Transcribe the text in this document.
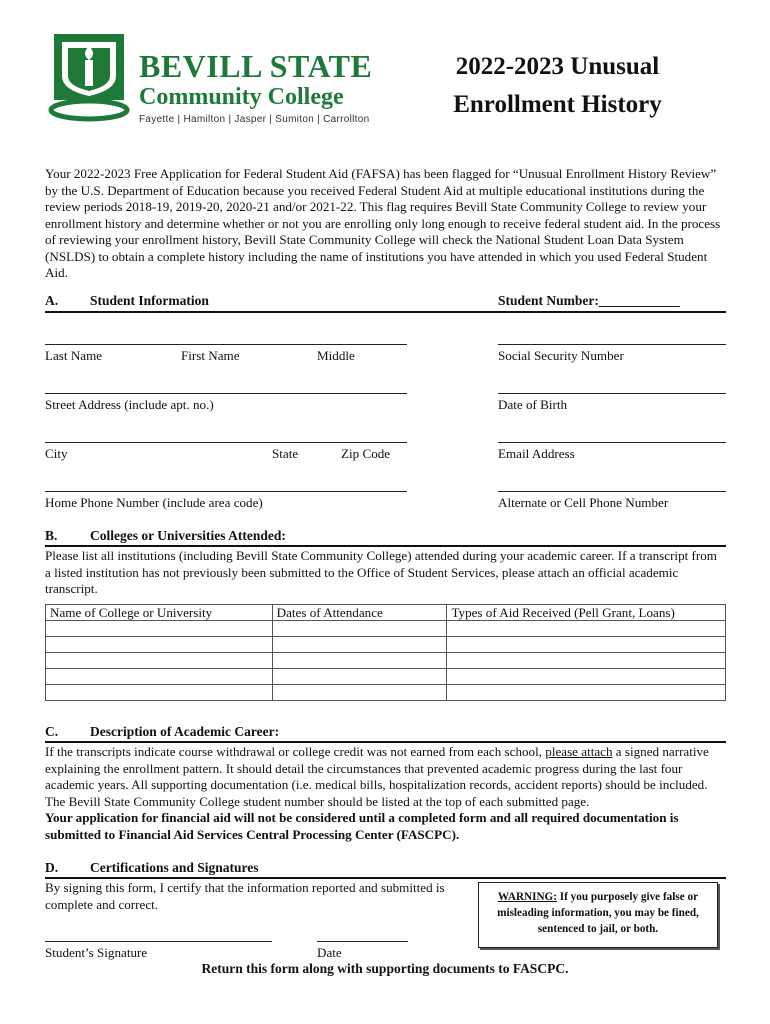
BEVILL STATE
Community College
Fayette | Hamilton | Jasper | Sumiton | Carrollton
2022-2023 Unusual
Enrollment History
Your 2022-2023 Free Application for Federal Student Aid (FAFSA) has been flagged for “Unusual Enrollment History Review” by the U.S. Department of Education because you received Federal Student Aid at multiple educational institutions during the review periods 2018-19, 2019-20, 2020-21 and/or 2021-22. This flag requires Bevill State Community College to review your enrollment history and determine whether or not you are enrolling only long enough to receive federal student aid. In the process of reviewing your enrollment history, Bevill State Community College will check the National Student Loan Data System (NSLDS) to obtain a complete history including the name of institutions you have attended in which you used Federal Student Aid.
A. Student Information	Student Number:____________
Last Name	First Name	Middle	Social Security Number
Street Address (include apt. no.)	Date of Birth
City	State	Zip Code	Email Address
Home Phone Number (include area code)	Alternate or Cell Phone Number
B. Colleges or Universities Attended:
Please list all institutions (including Bevill State Community College) attended during your academic career. If a transcript from a listed institution has not previously been submitted to the Office of Student Services, please attach an official academic transcript.
Name of College or University	Dates of Attendance	Types of Aid Received (Pell Grant, Loans)

C. Description of Academic Career:
If the transcripts indicate course withdrawal or college credit was not earned from each school, please attach a signed narrative explaining the enrollment pattern. It should detail the circumstances that prevented academic progress during the last four academic years. All supporting documentation (i.e. medical bills, hospitalization records, accident reports) should be included. The Bevill State Community College student number should be listed at the top of each submitted page.
Your application for financial aid will not be considered until a completed form and all required documentation is submitted to Financial Aid Services Central Processing Center (FASCPC).
D. Certifications and Signatures
By signing this form, I certify that the information reported and submitted is complete and correct.	WARNING: If you purposely give false or misleading information, you may be fined, sentenced to jail, or both.
Student’s Signature	Date
Return this form along with supporting documents to FASCPC.
